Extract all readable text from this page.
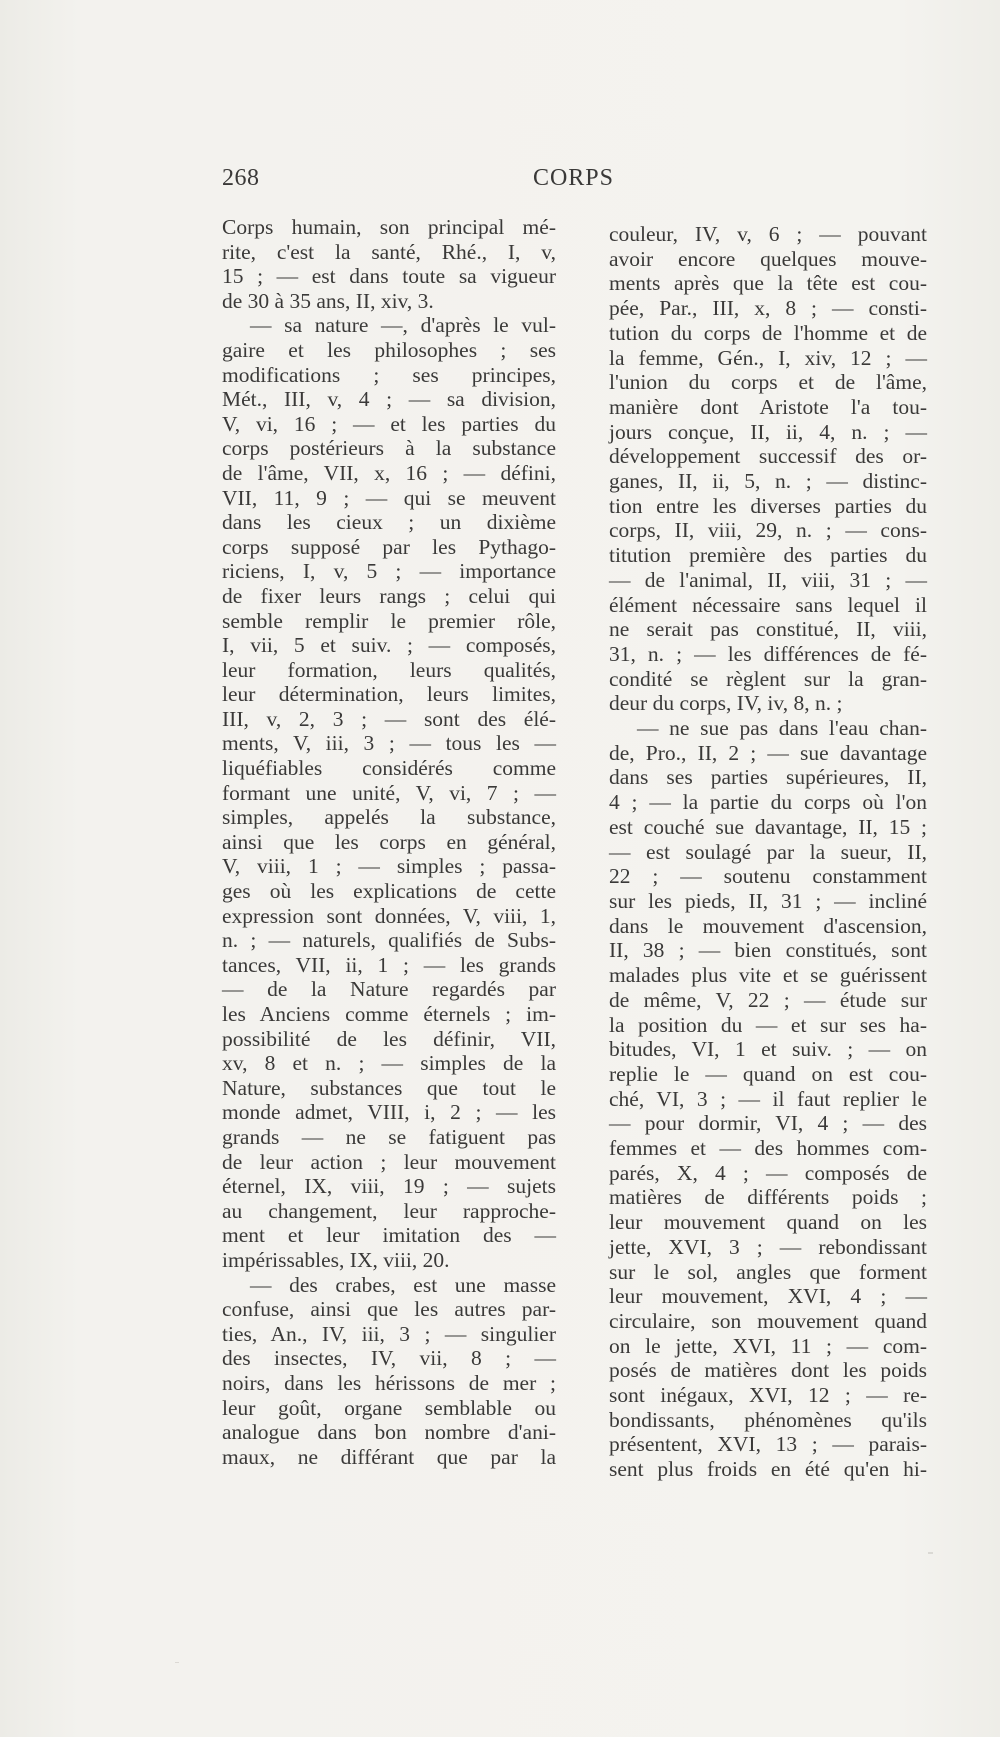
268	CORPS
Corps humain, son principal mé-
rite, c'est la santé, Rhé., I, v,
15 ; — est dans toute sa vigueur
de 30 à 35 ans, II, xiv, 3.
— sa nature —, d'après le vul-
gaire et les philosophes ; ses
modifications ; ses principes,
Mét., III, v, 4 ; — sa division,
V, vi, 16 ; — et les parties du
corps postérieurs à la substance
de l'âme, VII, x, 16 ; — défini,
VII, 11, 9 ; — qui se meuvent
dans les cieux ; un dixième
corps supposé par les Pythago-
riciens, I, v, 5 ; — importance
de fixer leurs rangs ; celui qui
semble remplir le premier rôle,
I, vii, 5 et suiv. ; — composés,
leur formation, leurs qualités,
leur détermination, leurs limites,
III, v, 2, 3 ; — sont des élé-
ments, V, iii, 3 ; — tous les —
liquéfiables considérés comme
formant une unité, V, vi, 7 ; —
simples, appelés la substance,
ainsi que les corps en général,
V, viii, 1 ; — simples ; passa-
ges où les explications de cette
expression sont données, V, viii, 1,
n. ; — naturels, qualifiés de Subs-
tances, VII, ii, 1 ; — les grands
— de la Nature regardés par
les Anciens comme éternels ; im-
possibilité de les définir, VII,
xv, 8 et n. ; — simples de la
Nature, substances que tout le
monde admet, VIII, i, 2 ; — les
grands — ne se fatiguent pas
de leur action ; leur mouvement
éternel, IX, viii, 19 ; — sujets
au changement, leur rapproche-
ment et leur imitation des —
impérissables, IX, viii, 20.
— des crabes, est une masse
confuse, ainsi que les autres par-
ties, An., IV, iii, 3 ; — singulier
des insectes, IV, vii, 8 ; —
noirs, dans les hérissons de mer ;
leur goût, organe semblable ou
analogue dans bon nombre d'ani-
maux, ne différant que par la
couleur, IV, v, 6 ; — pouvant
avoir encore quelques mouve-
ments après que la tête est cou-
pée, Par., III, x, 8 ; — consti-
tution du corps de l'homme et de
la femme, Gén., I, xiv, 12 ; —
l'union du corps et de l'âme,
manière dont Aristote l'a tou-
jours conçue, II, ii, 4, n. ; —
développement successif des or-
ganes, II, ii, 5, n. ; — distinc-
tion entre les diverses parties du
corps, II, viii, 29, n. ; — cons-
titution première des parties du
— de l'animal, II, viii, 31 ; —
élément nécessaire sans lequel il
ne serait pas constitué, II, viii,
31, n. ; — les différences de fé-
condité se règlent sur la gran-
deur du corps, IV, iv, 8, n. ;
— ne sue pas dans l'eau chan-
de, Pro., II, 2 ; — sue davantage
dans ses parties supérieures, II,
4 ; — la partie du corps où l'on
est couché sue davantage, II, 15 ;
— est soulagé par la sueur, II,
22 ; — soutenu constamment
sur les pieds, II, 31 ; — incliné
dans le mouvement d'ascension,
II, 38 ; — bien constitués, sont
malades plus vite et se guérissent
de même, V, 22 ; — étude sur
la position du — et sur ses ha-
bitudes, VI, 1 et suiv. ; — on
replie le — quand on est cou-
ché, VI, 3 ; — il faut replier le
— pour dormir, VI, 4 ; — des
femmes et — des hommes com-
parés, X, 4 ; — composés de
matières de différents poids ;
leur mouvement quand on les
jette, XVI, 3 ; — rebondissant
sur le sol, angles que forment
leur mouvement, XVI, 4 ; —
circulaire, son mouvement quand
on le jette, XVI, 11 ; — com-
posés de matières dont les poids
sont inégaux, XVI, 12 ; — re-
bondissants, phénomènes qu'ils
présentent, XVI, 13 ; — parais-
sent plus froids en été qu'en hi-
